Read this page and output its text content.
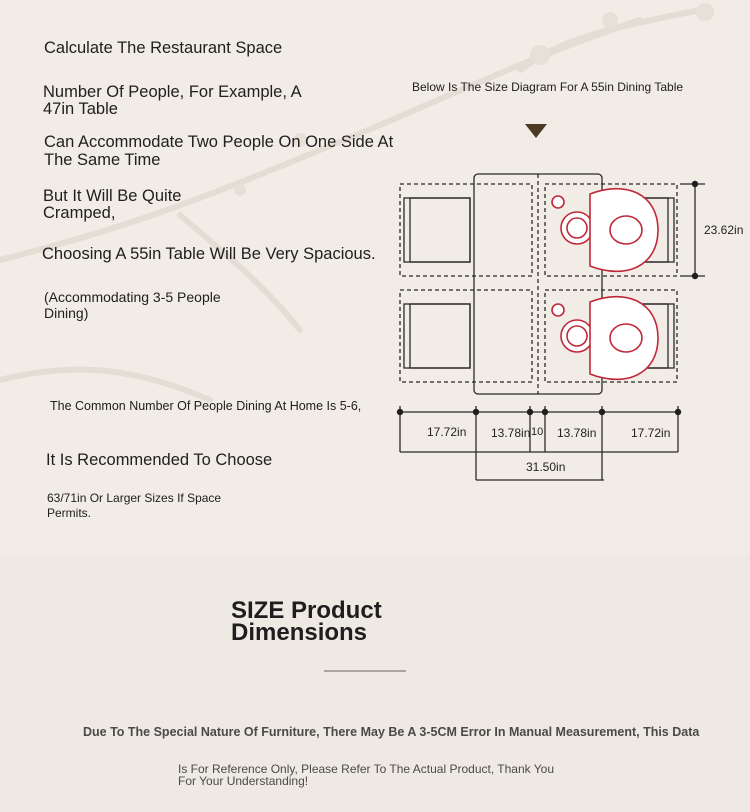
Calculate The Restaurant Space
Number Of People, For Example, A
47in Table
Can Accommodate Two People On One Side At
The Same Time
But It Will Be Quite
Cramped,
Choosing A 55in Table Will Be Very Spacious.
(Accommodating 3-5 People
Dining)
The Common Number Of People Dining At Home Is 5-6,
It Is Recommended To Choose
63/71in Or Larger Sizes If Space
Permits.
Below Is The Size Diagram For A 55in Dining Table
23.62in
17.72in 13.78in 10 13.78in	17.72in
31.50in
SIZE Product
Dimensions
Due To The Special Nature Of Furniture, There May Be A 3-5CM Error In Manual Measurement, This Data
Is For Reference Only, Please Refer To The Actual Product, Thank You
For Your Understanding!
